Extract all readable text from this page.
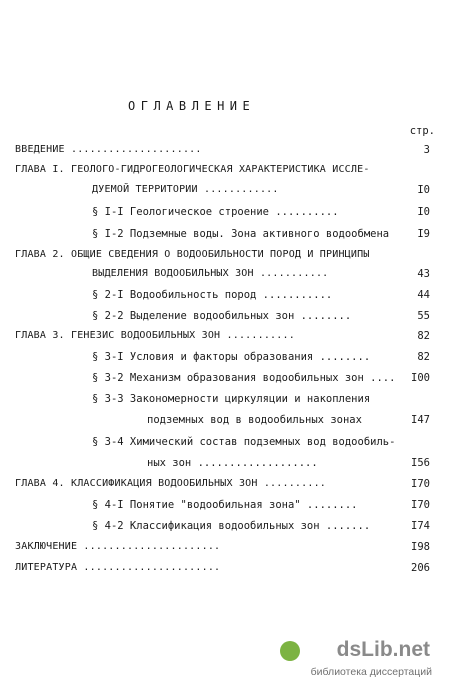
ОГЛАВЛЕНИЕ
стр.
ВВЕДЕНИЕ .....................	3
ГЛАВА I. ГЕОЛОГО-ГИДРОГЕОЛОГИЧЕСКАЯ ХАРАКТЕРИСТИКА ИССЛЕ-
ДУЕМОЙ ТЕРРИТОРИИ ............	I0
§ I-I Геологическое строение ..........	I0
§ I-2 Подземные воды. Зона активного водообмена	I9
ГЛАВА 2. ОБЩИЕ СВЕДЕНИЯ О ВОДООБИЛЬНОСТИ ПОРОД И ПРИНЦИПЫ
ВЫДЕЛЕНИЯ ВОДООБИЛЬНЫХ ЗОН ...........	43
§ 2-I Водообильность пород ...........	44
§ 2-2 Выделение водообильных зон ........	55
ГЛАВА 3. ГЕНЕЗИС ВОДООБИЛЬНЫХ ЗОН ...........	82
§ 3-I Условия и факторы образования ........	82
§ 3-2 Механизм образования водообильных зон .... I00
§ 3-3 Закономерности циркуляции и накопления
подземных вод в водообильных зонах	I47
§ 3-4 Химический состав подземных вод водообиль-
ных зон ...................	I56
ГЛАВА 4. КЛАССИФИКАЦИЯ ВОДООБИЛЬНЫХ ЗОН ..........	I70
§ 4-I Понятие "водообильная зона" ........	I70
§ 4-2 Классификация водообильных зон .......	I74
ЗАКЛЮЧЕНИЕ ......................	I98
ЛИТЕРАТУРА ......................	206
dsLib.net
библиотека диссертаций
